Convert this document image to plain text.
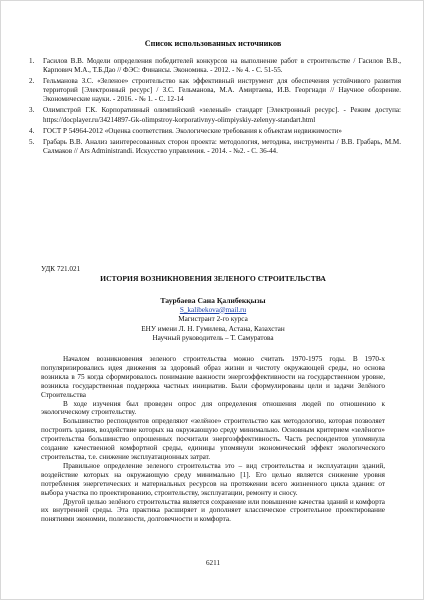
Список использованных источников
1. Гасилов В.В. Модели определения победителей конкурсов на выполнение работ в строительстве / Гасилов В.В., Карпович М.А., Т.Б.Дао // ФЭС: Финансы. Экономика. - 2012. - № 4. - С. 51-55.
2. Гельманова З.С. «Зеленое» строительство как эффективный инструмент для обеспечения устойчивого развития территорий [Электронный ресурс] / З.С. Гельманова, М.А. Амиртаева, И.В. Георгиади // Научное обозрение. Экономические науки. - 2016. - № 1. - С. 12-14
3. Олимпстрой Г.К. Корпоративный олимпийский «зеленый» стандарт [Электронный ресурс]. - Режим доступа: https://docplayer.ru/34214897-Gk-olimpstroy-korporativnyy-olimpiyskiy-zelenyy-standart.html
4. ГОСТ Р 54964-2012 «Оценка соответствия. Экологические требования к объектам недвижимости»
5. Грабарь В.В. Анализ заинтересованных сторон проекта: методология, методика, инструменты / В.В. Грабарь, М.М. Салмаков // Ars Administrandi. Искусство управления. - 2014. - №2. - С. 36-44.
УДК 721.021
ИСТОРИЯ ВОЗНИКНОВЕНИЯ ЗЕЛЕНОГО СТРОИТЕЛЬСТВА
Таурбаева Сана Қалибекқызы
S_kalibekova@mail.ru
Магистрант 2-го курса
ЕНУ имени Л. Н. Гумилева, Астана, Казахстан
Научный руководитель – Т. Самуратова

Началом возникновения зеленого строительства можно считать 1970-1975 годы. В 1970-х популяризировались идея движения за здоровый образ жизни и чистоту окружающей среды, но основа возникла в 75 когда сформировалось понимание важности энергоэффективности на государственном уровне, возникла государственная поддержка частных инициатив. Были сформулированы цели и задачи Зелёного Строительства

В ходе изучения был проведен опрос для определения отношения людей по отношению к экологическому строительству.

Большинство респондентов определяют «зелёное» строительство как методологию, которая позволяет построить здания, воздействие которых на окружающую среду минимально. Основным критерием «зелёного» строительства большинство опрошенных посчитали энергоэффективность. Часть респондентов упомянула создание качественной комфортной среды, единицы упомянули экономический эффект экологического строительства, т.е. снижение эксплуатационных затрат.

Правильное определение зеленого строительства это – вид строительства и эксплуатации зданий, воздействие которых на окружающую среду минимально [1]. Его целью является снижение уровня потребления энергетических и материальных ресурсов на протяжении всего жизненного цикла здания: от выбора участка по проектированию, строительству, эксплуатации, ремонту и сносу.

Другой целью зелёного строительства является сохранение или повышение качества зданий и комфорта их внутренней среды. Эта практика расширяет и дополняет классическое строительное проектирование понятиями экономии, полезности, долговечности и комфорта.

6211
